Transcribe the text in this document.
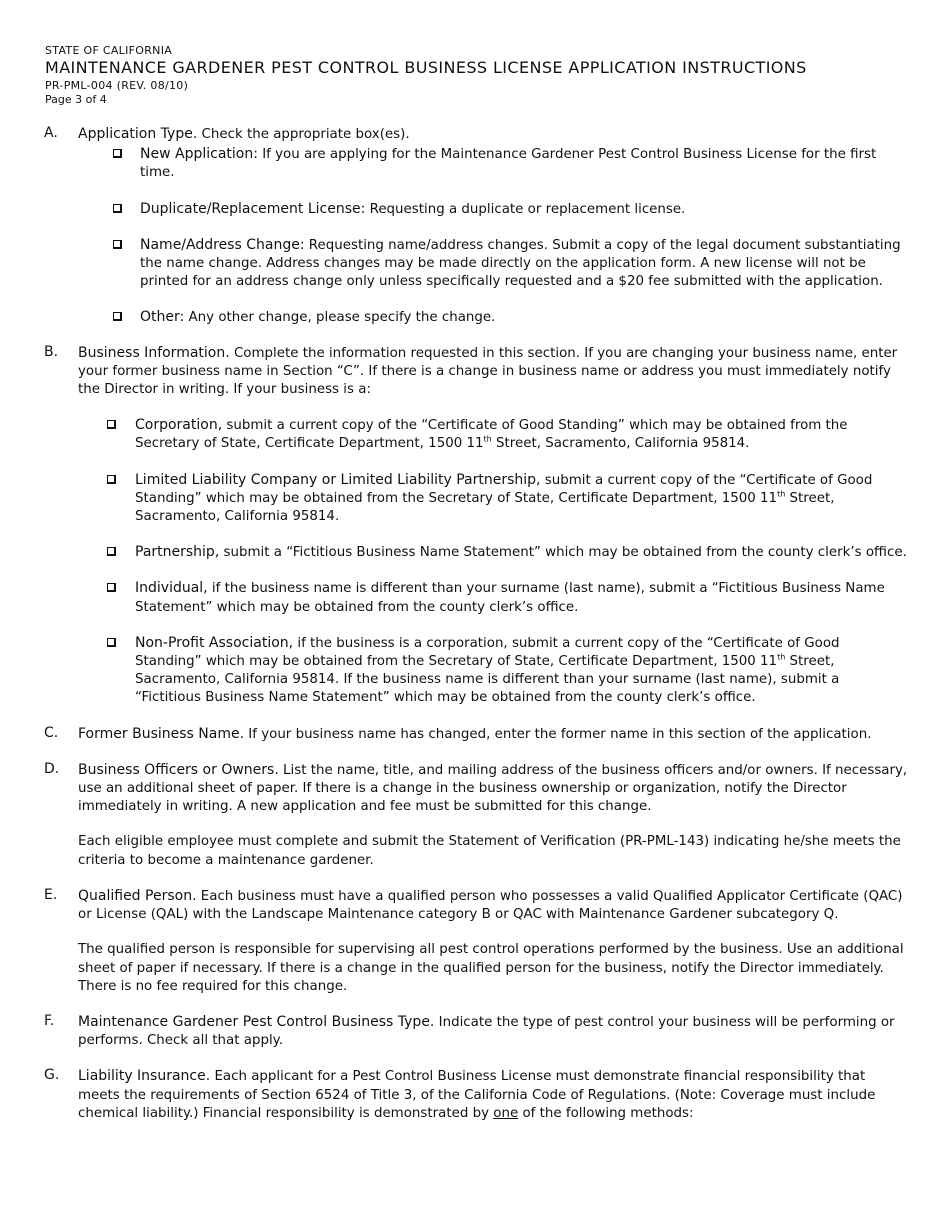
STATE OF CALIFORNIA
MAINTENANCE GARDENER PEST CONTROL BUSINESS LICENSE APPLICATION INSTRUCTIONS
PR-PML-004 (REV. 08/10)
Page 3 of 4
A. Application Type. Check the appropriate box(es).
New Application: If you are applying for the Maintenance Gardener Pest Control Business License for the first time.
Duplicate/Replacement License: Requesting a duplicate or replacement license.
Name/Address Change: Requesting name/address changes. Submit a copy of the legal document substantiating the name change. Address changes may be made directly on the application form. A new license will not be printed for an address change only unless specifically requested and a $20 fee submitted with the application.
Other: Any other change, please specify the change.
B. Business Information. Complete the information requested in this section. If you are changing your business name, enter your former business name in Section “C”. If there is a change in business name or address you must immediately notify the Director in writing. If your business is a:
Corporation, submit a current copy of the “Certificate of Good Standing” which may be obtained from the Secretary of State, Certificate Department, 1500 11th Street, Sacramento, California 95814.
Limited Liability Company or Limited Liability Partnership, submit a current copy of the “Certificate of Good Standing” which may be obtained from the Secretary of State, Certificate Department, 1500 11th Street, Sacramento, California 95814.
Partnership, submit a “Fictitious Business Name Statement” which may be obtained from the county clerk’s office.
Individual, if the business name is different than your surname (last name), submit a “Fictitious Business Name Statement” which may be obtained from the county clerk’s office.
Non-Profit Association, if the business is a corporation, submit a current copy of the “Certificate of Good Standing” which may be obtained from the Secretary of State, Certificate Department, 1500 11th Street, Sacramento, California 95814. If the business name is different than your surname (last name), submit a “Fictitious Business Name Statement” which may be obtained from the county clerk’s office.
C. Former Business Name. If your business name has changed, enter the former name in this section of the application.
D. Business Officers or Owners. List the name, title, and mailing address of the business officers and/or owners. If necessary, use an additional sheet of paper. If there is a change in the business ownership or organization, notify the Director immediately in writing. A new application and fee must be submitted for this change.
Each eligible employee must complete and submit the Statement of Verification (PR-PML-143) indicating he/she meets the criteria to become a maintenance gardener.
E. Qualified Person. Each business must have a qualified person who possesses a valid Qualified Applicator Certificate (QAC) or License (QAL) with the Landscape Maintenance category B or QAC with Maintenance Gardener subcategory Q.
The qualified person is responsible for supervising all pest control operations performed by the business. Use an additional sheet of paper if necessary. If there is a change in the qualified person for the business, notify the Director immediately. There is no fee required for this change.
F. Maintenance Gardener Pest Control Business Type. Indicate the type of pest control your business will be performing or performs. Check all that apply.
G. Liability Insurance. Each applicant for a Pest Control Business License must demonstrate financial responsibility that meets the requirements of Section 6524 of Title 3, of the California Code of Regulations. (Note: Coverage must include chemical liability.) Financial responsibility is demonstrated by one of the following methods:
